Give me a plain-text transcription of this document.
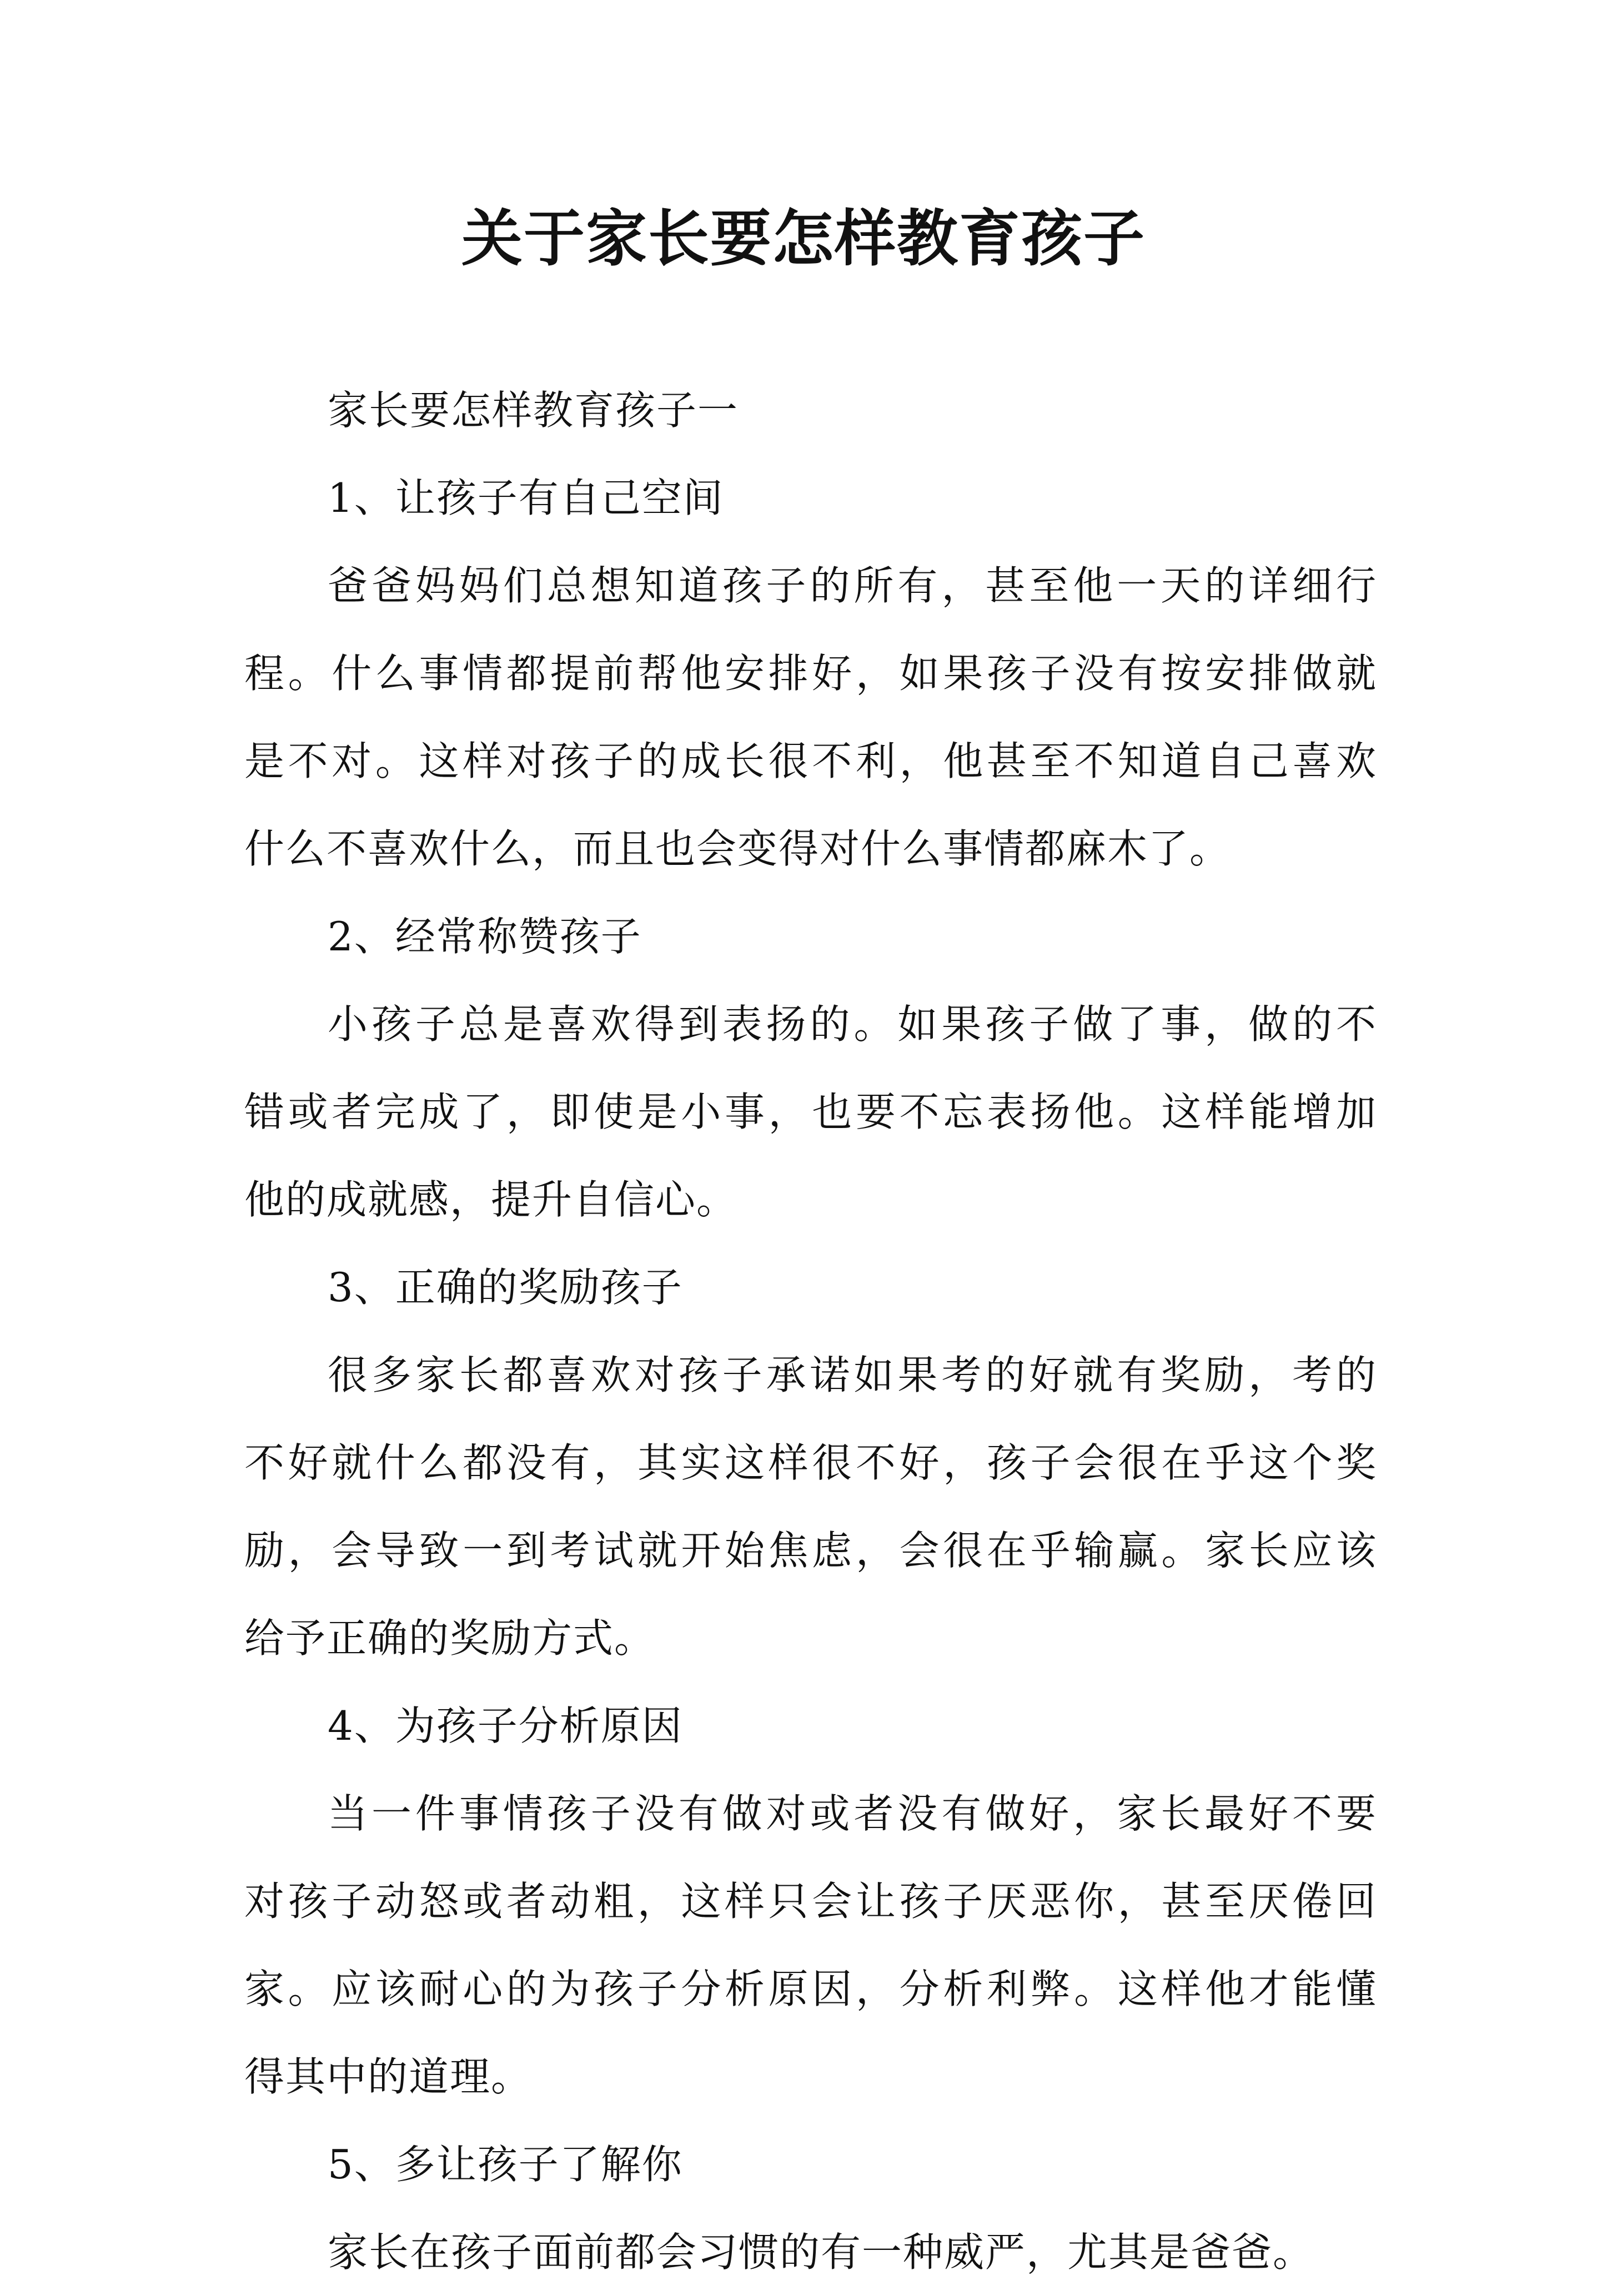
关于家长要怎样教育孩子
家长要怎样教育孩子一
1、让孩子有自己空间
爸爸妈妈们总想知道孩子的所有，甚至他一天的详细行
程。什么事情都提前帮他安排好，如果孩子没有按安排做就
是不对。这样对孩子的成长很不利，他甚至不知道自己喜欢
什么不喜欢什么，而且也会变得对什么事情都麻木了。
2、经常称赞孩子
小孩子总是喜欢得到表扬的。如果孩子做了事，做的不
错或者完成了，即使是小事，也要不忘表扬他。这样能增加
他的成就感，提升自信心。
3、正确的奖励孩子
很多家长都喜欢对孩子承诺如果考的好就有奖励，考的
不好就什么都没有，其实这样很不好，孩子会很在乎这个奖
励，会导致一到考试就开始焦虑，会很在乎输赢。家长应该
给予正确的奖励方式。
4、为孩子分析原因
当一件事情孩子没有做对或者没有做好，家长最好不要
对孩子动怒或者动粗，这样只会让孩子厌恶你，甚至厌倦回
家。应该耐心的为孩子分析原因，分析利弊。这样他才能懂
得其中的道理。
5、多让孩子了解你
家长在孩子面前都会习惯的有一种威严，尤其是爸爸。
